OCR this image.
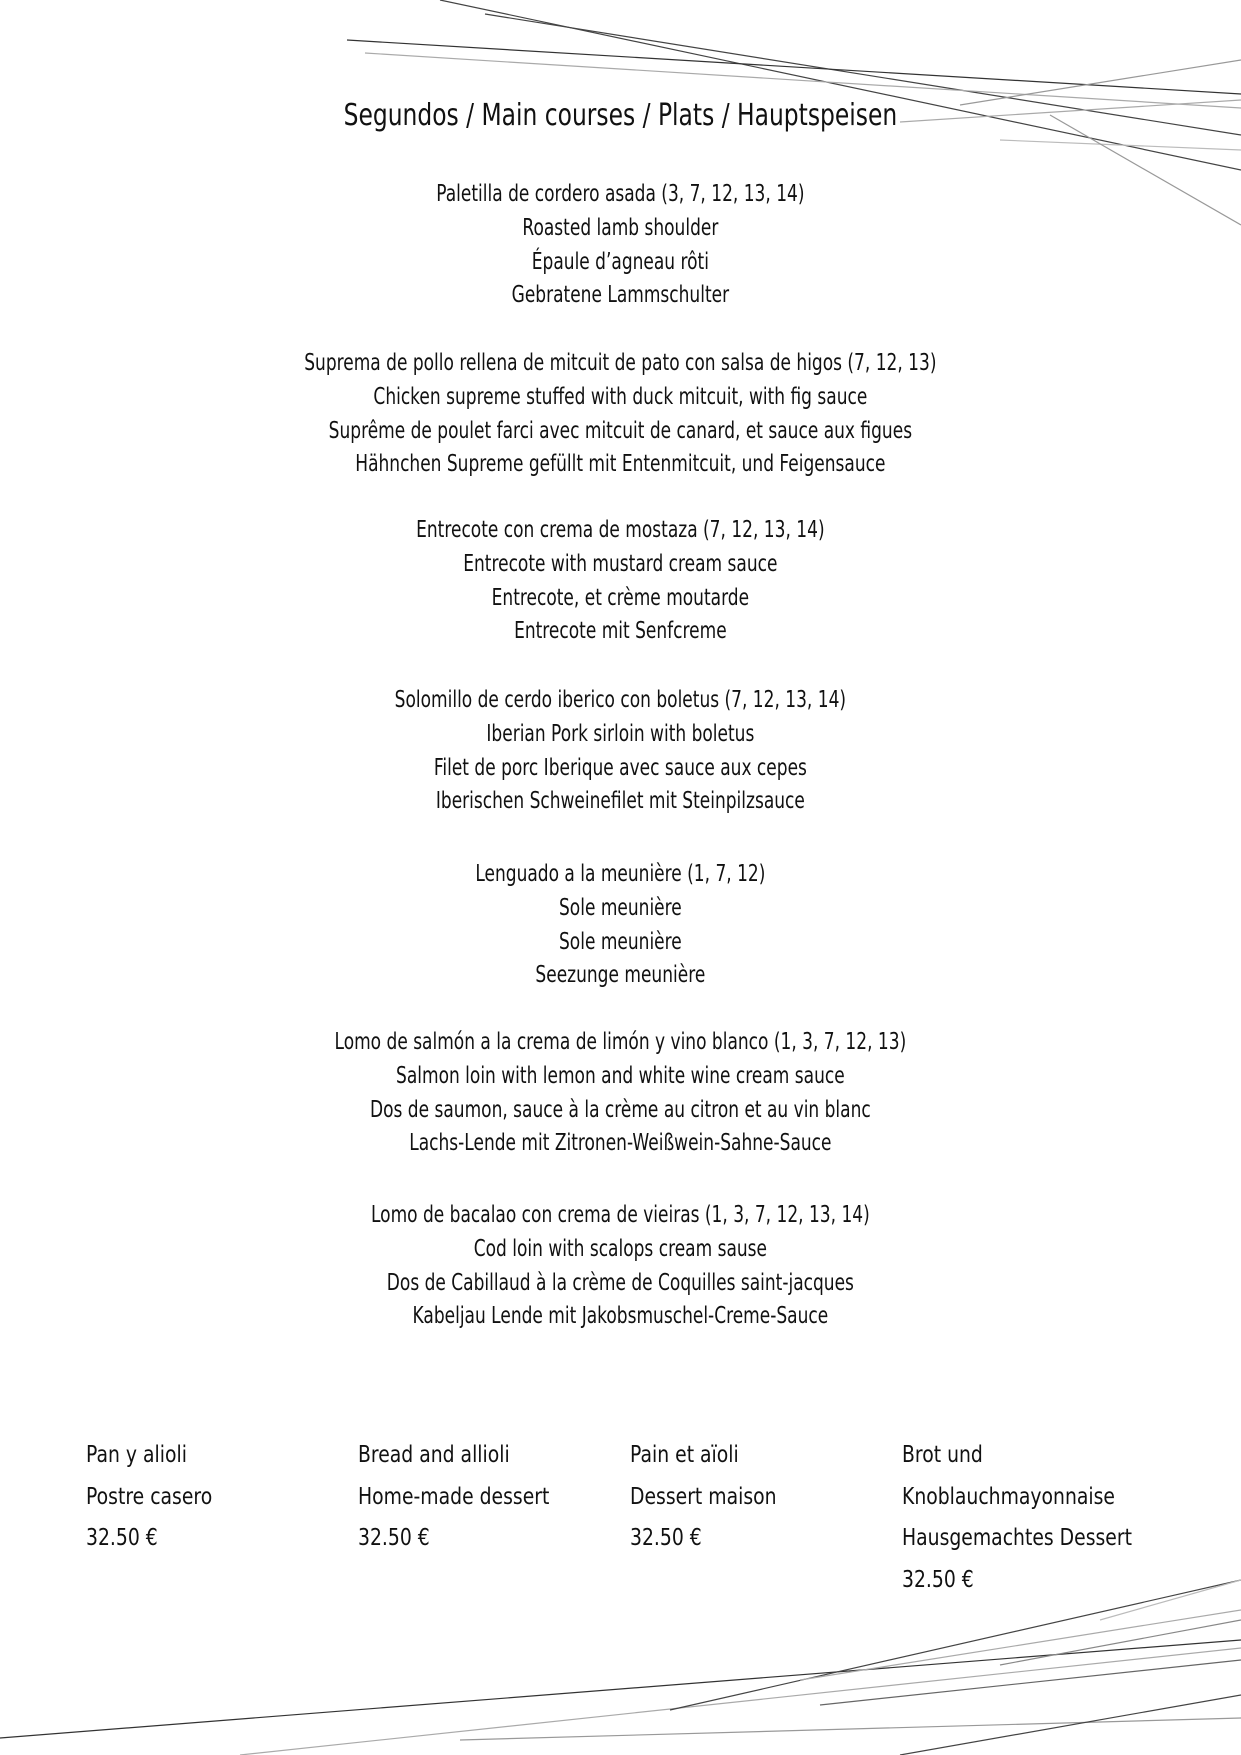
Segundos / Main courses / Plats / Hauptspeisen
Paletilla de cordero asada (3, 7, 12, 13, 14)
Roasted lamb shoulder
Épaule d’agneau rôti
Gebratene Lammschulter
Suprema de pollo rellena de mitcuit de pato con salsa de higos (7, 12, 13)
Chicken supreme stuffed with duck mitcuit, with fig sauce
Suprême de poulet farci avec mitcuit de canard, et sauce aux figues
Hähnchen Supreme gefüllt mit Entenmitcuit, und Feigensauce
Entrecote con crema de mostaza (7, 12, 13, 14)
Entrecote with mustard cream sauce
Entrecote, et crème moutarde
Entrecote mit Senfcreme
Solomillo de cerdo iberico con boletus (7, 12, 13, 14)
Iberian Pork sirloin with boletus
Filet de porc Iberique avec sauce aux cepes
Iberischen Schweinefilet mit Steinpilzsauce
Lenguado a la meunière (1, 7, 12)
Sole meunière
Sole meunière
Seezunge meunière
Lomo de salmón a la crema de limón y vino blanco (1, 3, 7, 12, 13)
Salmon loin with lemon and white wine cream sauce
Dos de saumon, sauce à la crème au citron et au vin blanc
Lachs-Lende mit Zitronen-Weißwein-Sahne-Sauce
Lomo de bacalao con crema de vieiras (1, 3, 7, 12, 13, 14)
Cod loin with scalops cream sause
Dos de Cabillaud à la crème de Coquilles saint-jacques
Kabeljau Lende mit Jakobsmuschel-Creme-Sauce
Pan y alioli
Postre casero
32.50 €
Bread and allioli
Home-made dessert
32.50 €
Pain et aïoli
Dessert maison
32.50 €
Brot und
Knoblauchmayonnaise
Hausgemachtes Dessert
32.50 €
